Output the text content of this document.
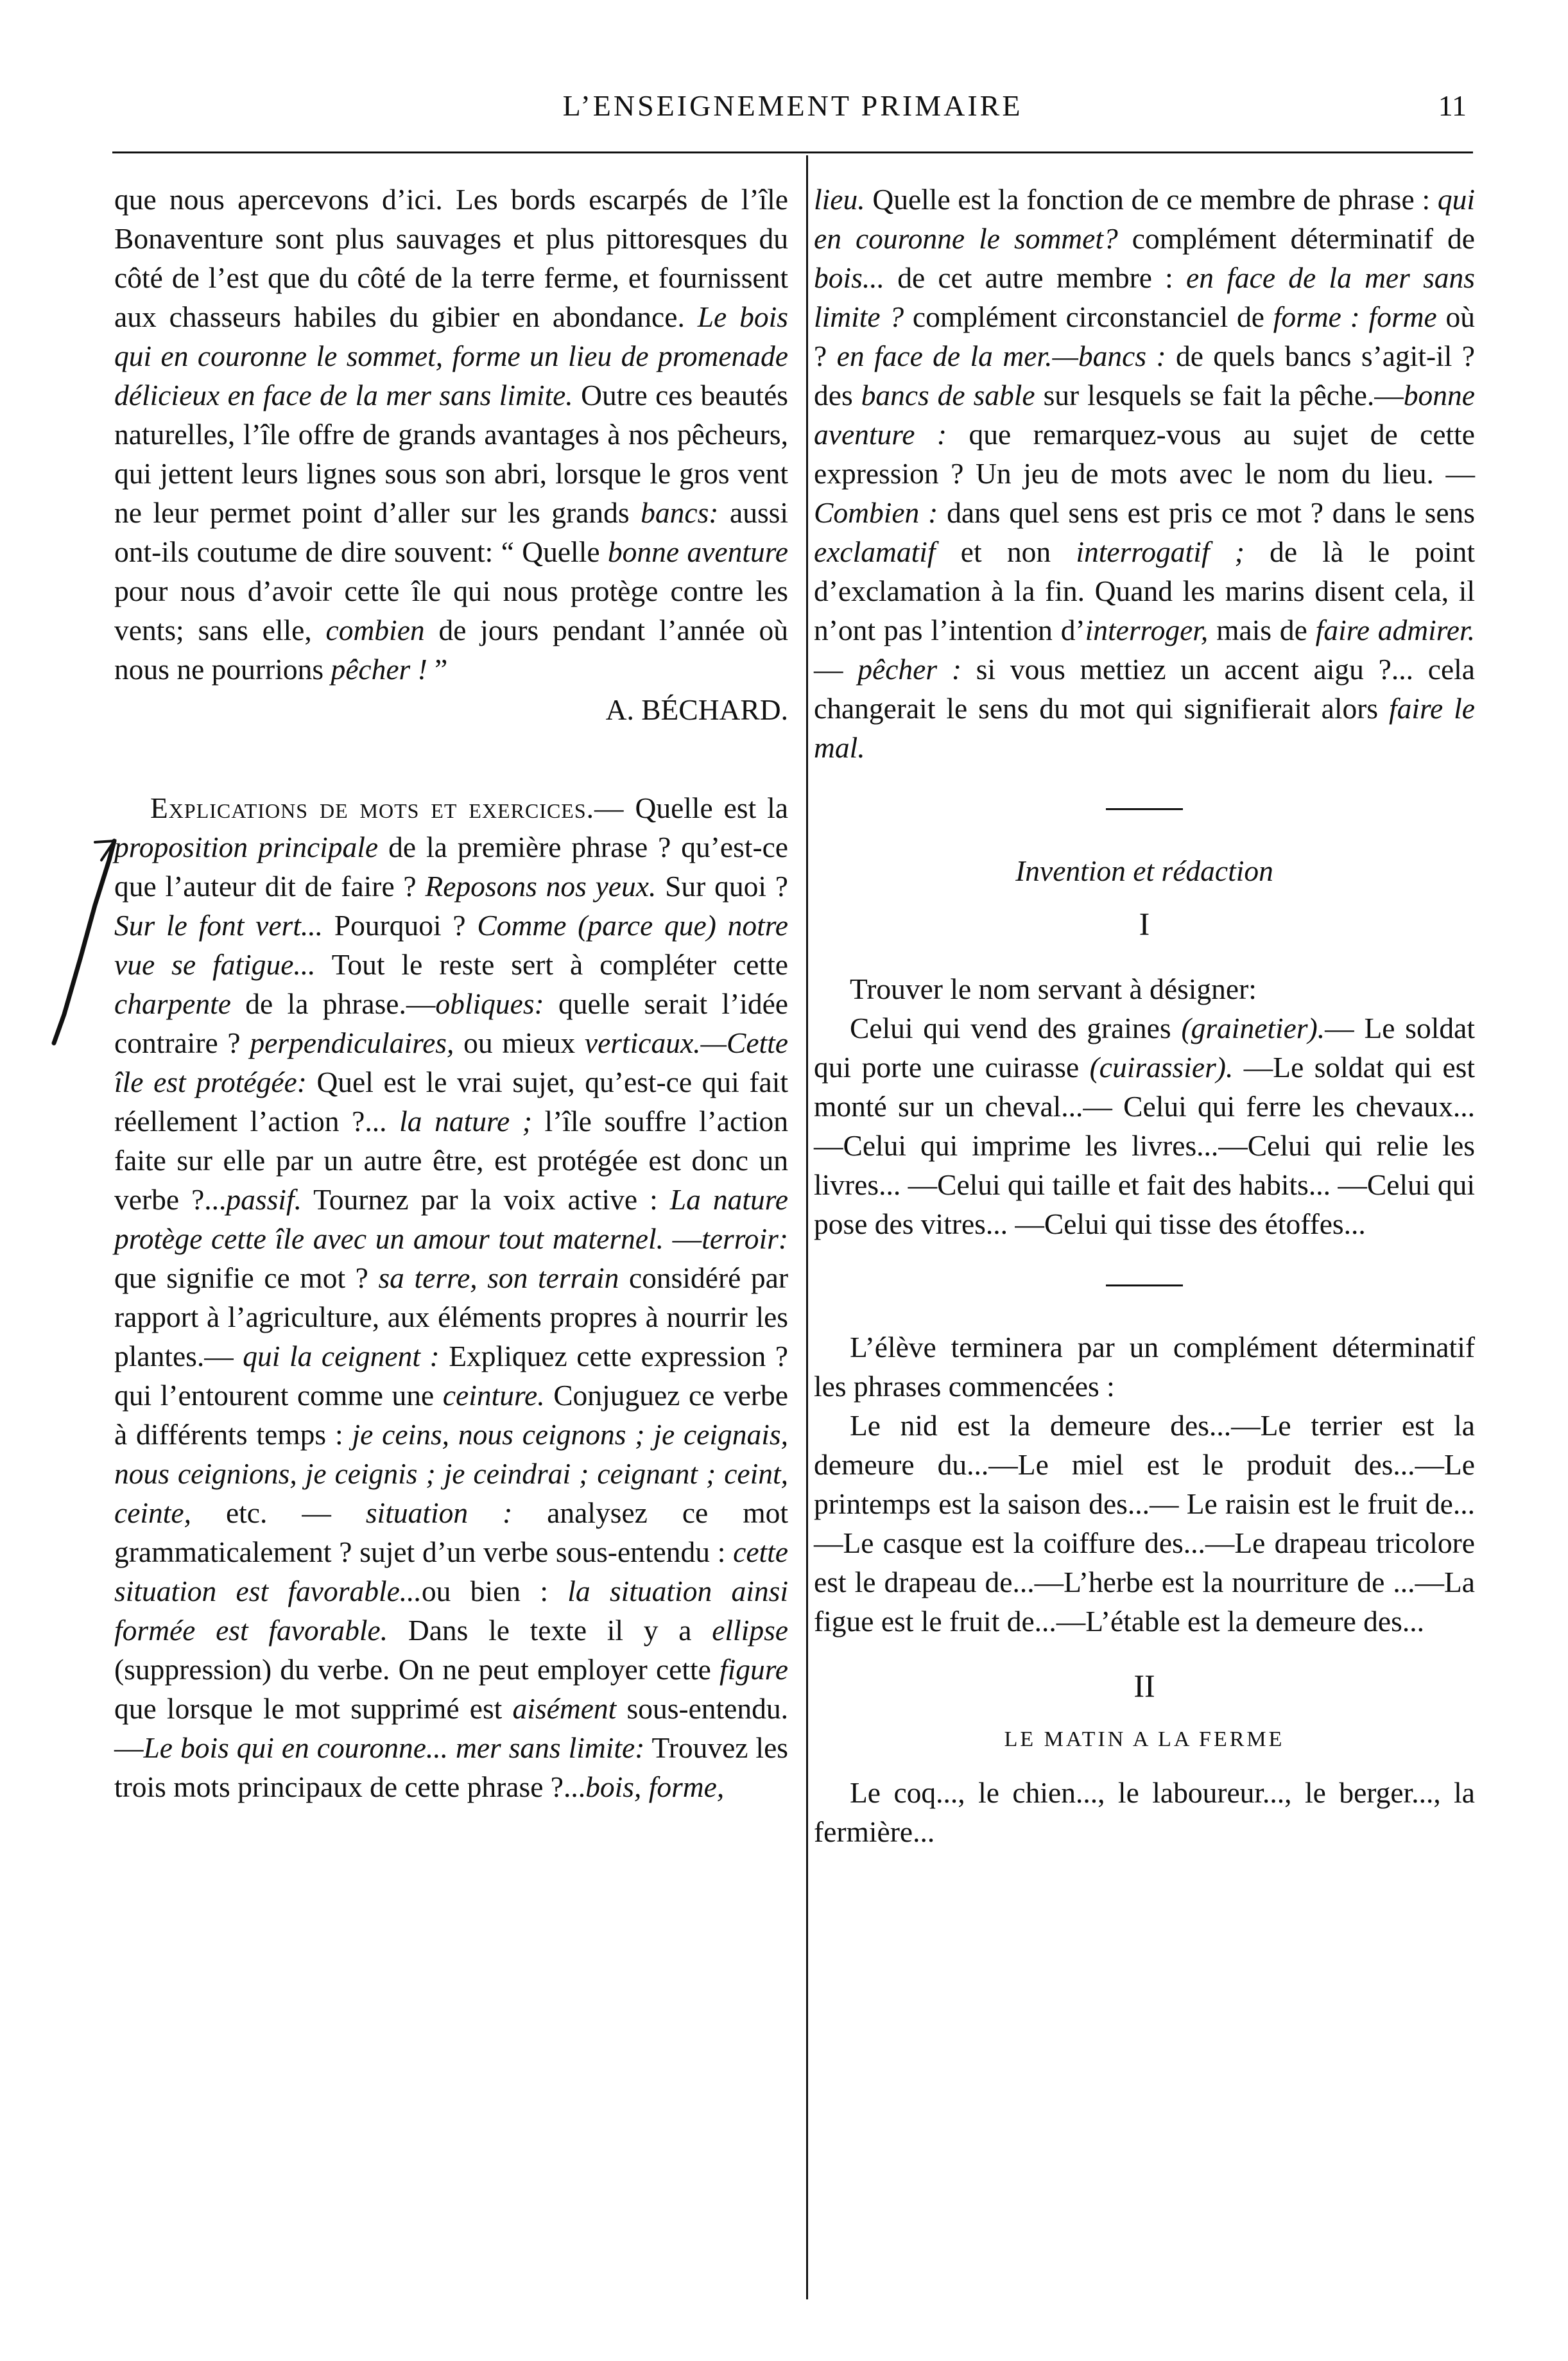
L’ENSEIGNEMENT PRIMAIRE	11

que nous apercevons d’ici. Les bords escarpés de l’île Bonaventure sont plus sauvages et plus pittoresques du côté de l’est que du côté de la terre ferme, et fournissent aux chasseurs habiles du gibier en abondance. Le bois qui en couronne le sommet, forme un lieu de promenade délicieux en face de la mer sans limite. Outre ces beautés naturelles, l’île offre de grands avantages à nos pêcheurs, qui jettent leurs lignes sous son abri, lorsque le gros vent ne leur permet point d’aller sur les grands bancs: aussi ont-ils coutume de dire souvent: “ Quelle bonne aventure pour nous d’avoir cette île qui nous protège contre les vents; sans elle, combien de jours pendant l’année où nous ne pourrions pêcher ! ”

A. BÉCHARD.

Explications de mots et exercices.— Quelle est la proposition principale de la première phrase ? qu’est-ce que l’auteur dit de faire ? Reposons nos yeux. Sur quoi ? Sur le font vert... Pourquoi ? Comme (parce que) notre vue se fatigue... Tout le reste sert à compléter cette charpente de la phrase.—obliques: quelle serait l’idée contraire ? perpendiculaires, ou mieux verticaux.—Cette île est protégée: Quel est le vrai sujet, qu’est-ce qui fait réellement l’action ?... la nature ; l’île souffre l’action faite sur elle par un autre être, est protégée est donc un verbe ?...passif. Tournez par la voix active : La nature protège cette île avec un amour tout maternel. —terroir: que signifie ce mot ? sa terre, son terrain considéré par rapport à l’agriculture, aux éléments propres à nourrir les plantes.— qui la ceignent : Expliquez cette expression ? qui l’entourent comme une ceinture. Conjuguez ce verbe à différents temps : je ceins, nous ceignons ; je ceignais, nous ceignions, je ceignis ; je ceindrai ; ceignant ; ceint, ceinte, etc. — situation : analysez ce mot grammaticalement ? sujet d’un verbe sous-entendu : cette situation est favorable...ou bien : la situation ainsi formée est favorable. Dans le texte il y a ellipse (suppression) du verbe. On ne peut employer cette figure que lorsque le mot supprimé est aisément sous-entendu.—Le bois qui en couronne... mer sans limite: Trouvez les trois mots principaux de cette phrase ?...bois, forme,

lieu. Quelle est la fonction de ce membre de phrase : qui en couronne le sommet? complément déterminatif de bois... de cet autre membre : en face de la mer sans limite ? complément circonstanciel de forme : forme où ? en face de la mer.—bancs : de quels bancs s’agit-il ? des bancs de sable sur lesquels se fait la pêche.—bonne aventure : que remarquez-vous au sujet de cette expression ? Un jeu de mots avec le nom du lieu. —Combien : dans quel sens est pris ce mot ? dans le sens exclamatif et non interrogatif ; de là le point d’exclamation à la fin. Quand les marins disent cela, il n’ont pas l’intention d’interroger, mais de faire admirer. — pêcher : si vous mettiez un accent aigu ?... cela changerait le sens du mot qui signifierait alors faire le mal.

Invention et rédaction

I

Trouver le nom servant à désigner:

Celui qui vend des graines (grainetier).— Le soldat qui porte une cuirasse (cuirassier). —Le soldat qui est monté sur un cheval...— Celui qui ferre les chevaux... —Celui qui imprime les livres...—Celui qui relie les livres... —Celui qui taille et fait des habits... —Celui qui pose des vitres... —Celui qui tisse des étoffes...

L’élève terminera par un complément déterminatif les phrases commencées :

Le nid est la demeure des...—Le terrier est la demeure du...—Le miel est le produit des...—Le printemps est la saison des...— Le raisin est le fruit de...—Le casque est la coiffure des...—Le drapeau tricolore est le drapeau de...—L’herbe est la nourriture de ...—La figue est le fruit de...—L’étable est la demeure des...

II

LE MATIN A LA FERME

Le coq..., le chien..., le laboureur..., le berger..., la fermière...
